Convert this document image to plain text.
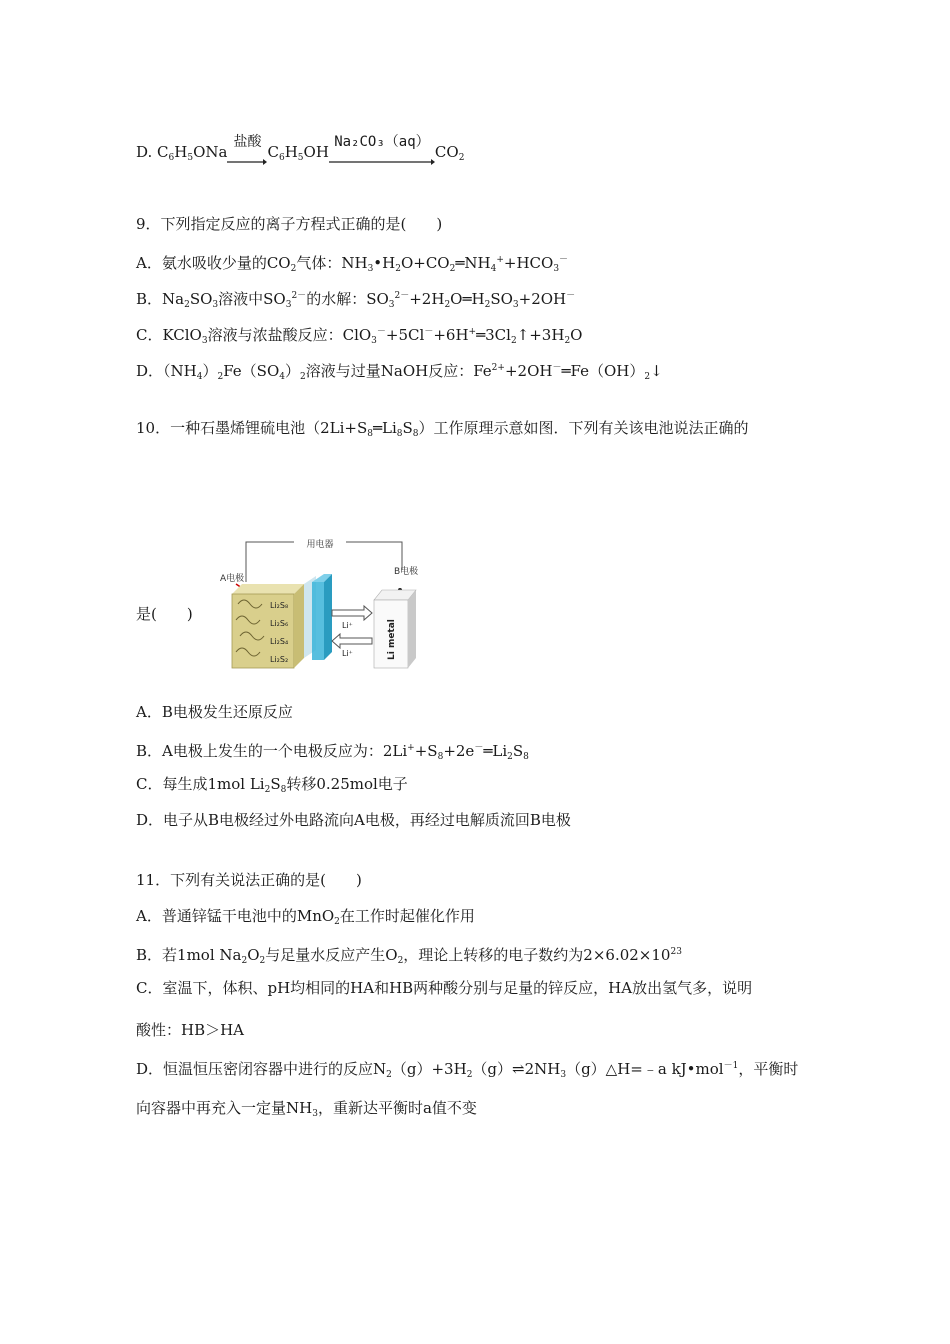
D. $C_6H_5ONa$
盐酸
$C_6H_5OH$
Na₂CO₃（aq）
$CO_2$
9．下列指定反应的离子方程式正确的是(　　)
A．氨水吸收少量的$CO_2$气体：$NH_3•H_2O+CO_2═NH_4^++HCO_3^-$
B．$Na_2SO_3$溶液中$SO_3^{2-}$的水解：$SO_3^{2-}+2H_2O═H_2SO_3+2OH^-$
C．KClO$_3$溶液与浓盐酸反应：$ClO_3^-+5Cl^-+6H^+═3Cl_2↑+3H_2O$
D．$(NH_4)_2Fe(SO_4)_2$溶液与过量NaOH反应：$Fe^{2+}+2OH^-═Fe(OH)_2↓$
10．一种石墨烯锂硫电池$(2Li+S_8═Li_8S_8)$工作原理示意如图．下列有关该电池说法正确的
是(　　)
用电器
A电极
B电极
Li₂S₈
Li₂S₆
Li₂S₄
Li₂S₂
Li⁺
Li⁺	Li metal
A．B电极发生还原反应
B．A电极上发生的一个电极反应为：$2Li^++S_8+2e^-═Li_2S_8$
C．每生成1mol $Li_2S_8$转移0.25mol电子
D．电子从B电极经过外电路流向A电极，再经过电解质流回B电极
11．下列有关说法正确的是(　　)
A．普通锌锰干电池中的MnO$_2$在工作时起催化作用
B．若1mol $Na_2O_2$与足量水反应产生$O_2$，理论上转移的电子数约为$2\times 6.02\times 10^{23}$
C．室温下，体积、pH均相同的HA和HB两种酸分别与足量的锌反应，HA放出氢气多，说明
酸性：HB＞HA
D．恒温恒压密闭容器中进行的反应$N_2(g)+3H_2(g)\rightleftharpoons 2NH_3(g)\triangle H=﹣a$ kJ•mol$^{-1}$，平衡时
向容器中再充入一定量$NH_3$，重新达平衡时a值不变
